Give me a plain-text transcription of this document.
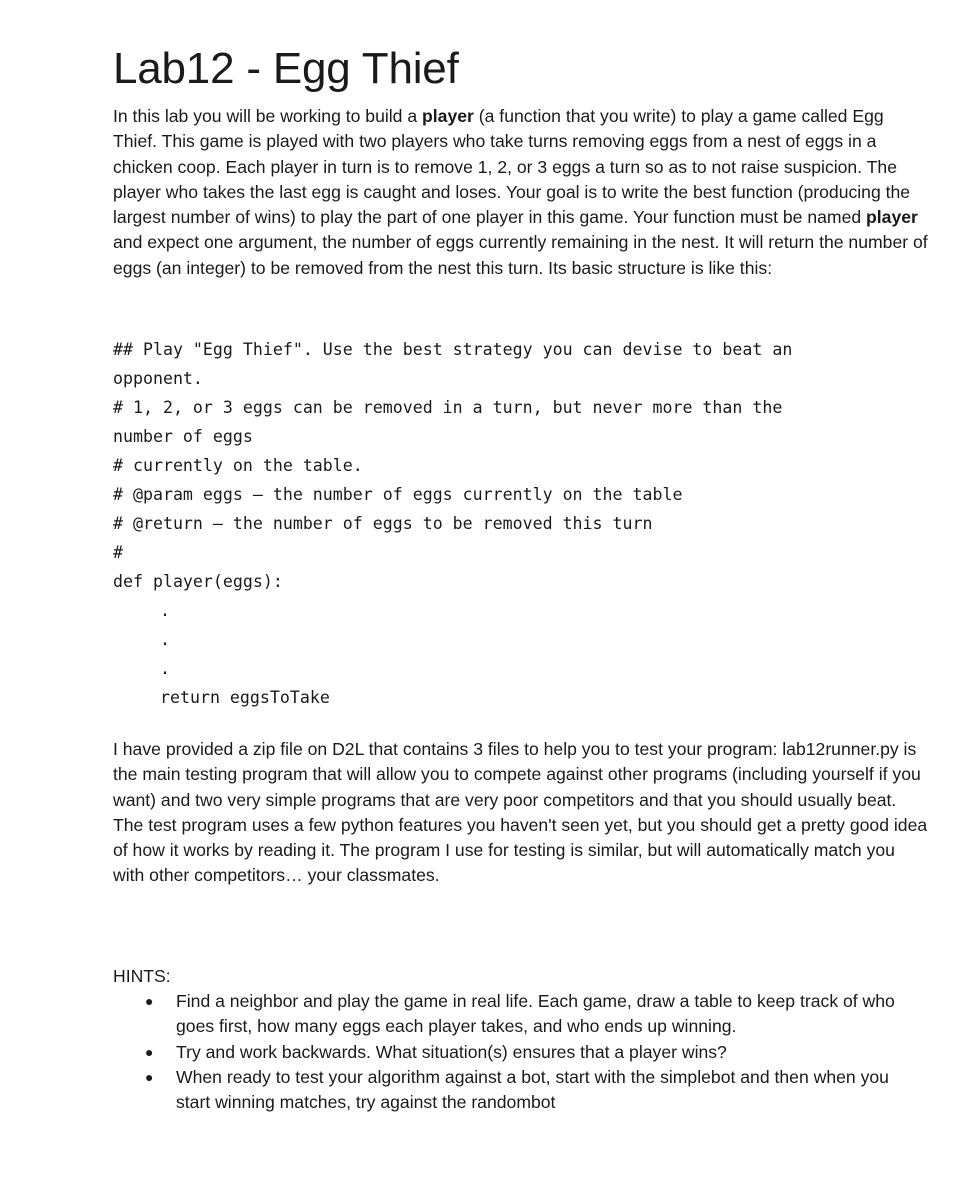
Lab12 - Egg Thief

In this lab you will be working to build a player (a function that you write) to play a game called Egg Thief. This game is played with two players who take turns removing eggs from a nest of eggs in a chicken coop. Each player in turn is to remove 1, 2, or 3 eggs a turn so as to not raise suspicion. The player who takes the last egg is caught and loses. Your goal is to write the best function (producing the largest number of wins) to play the part of one player in this game. Your function must be named player and expect one argument, the number of eggs currently remaining in the nest. It will return the number of eggs (an integer) to be removed from the nest this turn. Its basic structure is like this:

## Play "Egg Thief". Use the best strategy you can devise to beat an
opponent.
# 1, 2, or 3 eggs can be removed in a turn, but never more than the
number of eggs
# currently on the table.
# @param eggs – the number of eggs currently on the table
# @return – the number of eggs to be removed this turn
#
def player(eggs):
.
.
.
return eggsToTake

I have provided a zip file on D2L that contains 3 files to help you to test your program: lab12runner.py is the main testing program that will allow you to compete against other programs (including yourself if you want) and two very simple programs that are very poor competitors and that you should usually beat. The test program uses a few python features you haven't seen yet, but you should get a pretty good idea of how it works by reading it. The program I use for testing is similar, but will automatically match you with other competitors… your classmates.

HINTS:

● Find a neighbor and play the game in real life. Each game, draw a table to keep track of who goes first, how many eggs each player takes, and who ends up winning.
● Try and work backwards. What situation(s) ensures that a player wins?
● When ready to test your algorithm against a bot, start with the simplebot and then when you start winning matches, try against the randombot
